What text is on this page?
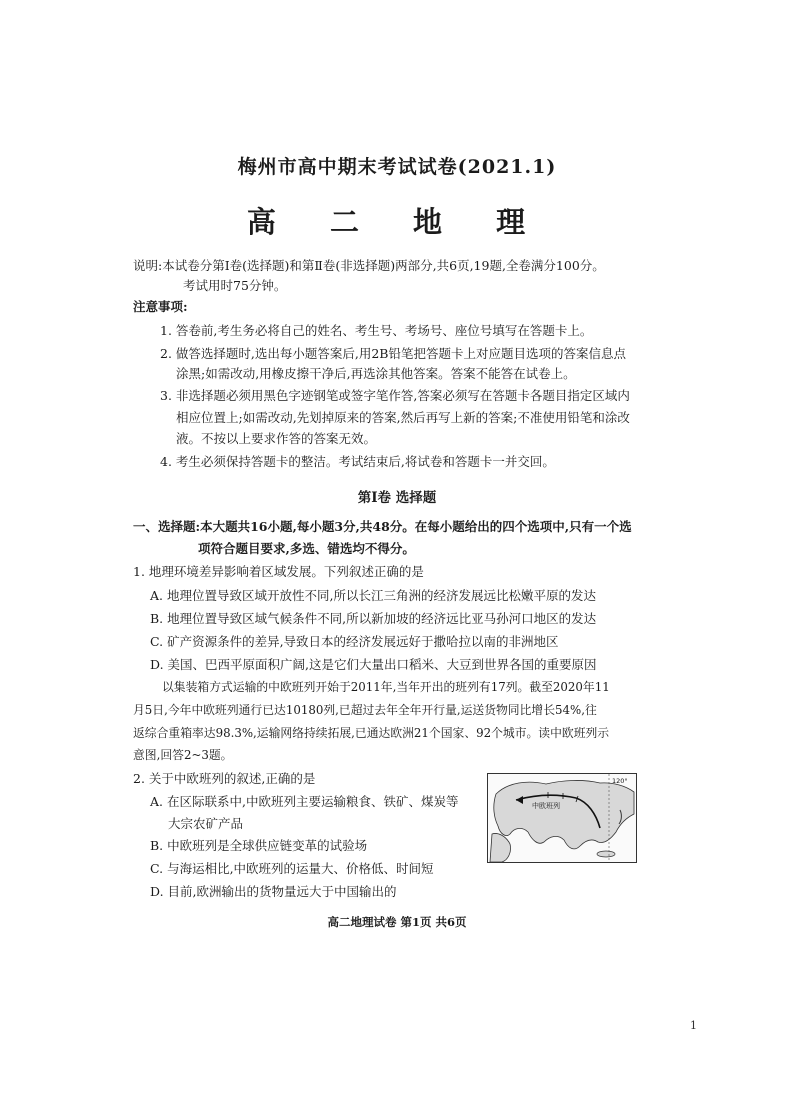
梅州市高中期末考试试卷(2021.1)
高 二 地 理
说明:本试卷分第Ⅰ卷(选择题)和第Ⅱ卷(非选择题)两部分,共6页,19题,全卷满分100分。
考试用时75分钟。
注意事项:
1. 答卷前,考生务必将自己的姓名、考生号、考场号、座位号填写在答题卡上。
2. 做答选择题时,选出每小题答案后,用2B铅笔把答题卡上对应题目选项的答案信息点
涂黑;如需改动,用橡皮擦干净后,再选涂其他答案。答案不能答在试卷上。
3. 非选择题必须用黑色字迹钢笔或签字笔作答,答案必须写在答题卡各题目指定区域内
相应位置上;如需改动,先划掉原来的答案,然后再写上新的答案;不准使用铅笔和涂改
液。不按以上要求作答的答案无效。
4. 考生必须保持答题卡的整洁。考试结束后,将试卷和答题卡一并交回。
第Ⅰ卷 选择题
一、选择题:本大题共16小题,每小题3分,共48分。在每小题给出的四个选项中,只有一个选
项符合题目要求,多选、错选均不得分。
1. 地理环境差异影响着区域发展。下列叙述正确的是
A. 地理位置导致区域开放性不同,所以长江三角洲的经济发展远比松嫩平原的发达
B. 地理位置导致区域气候条件不同,所以新加坡的经济远比亚马孙河口地区的发达
C. 矿产资源条件的差异,导致日本的经济发展远好于撒哈拉以南的非洲地区
D. 美国、巴西平原面积广阔,这是它们大量出口稻米、大豆到世界各国的重要原因
以集装箱方式运输的中欧班列开始于2011年,当年开出的班列有17列。截至2020年11
月5日,今年中欧班列通行已达10180列,已超过去年全年开行量,运送货物同比增长54%,往
返综合重箱率达98.3%,运输网络持续拓展,已通达欧洲21个国家、92个城市。读中欧班列示
意图,回答2~3题。
2. 关于中欧班列的叙述,正确的是
A. 在区际联系中,中欧班列主要运输粮食、铁矿、煤炭等
大宗农矿产品
B. 中欧班列是全球供应链变革的试验场
C. 与海运相比,中欧班列的运量大、价格低、时间短
D. 目前,欧洲输出的货物量远大于中国输出的
中欧班列
120°
高二地理试卷 第1页 共6页
1
